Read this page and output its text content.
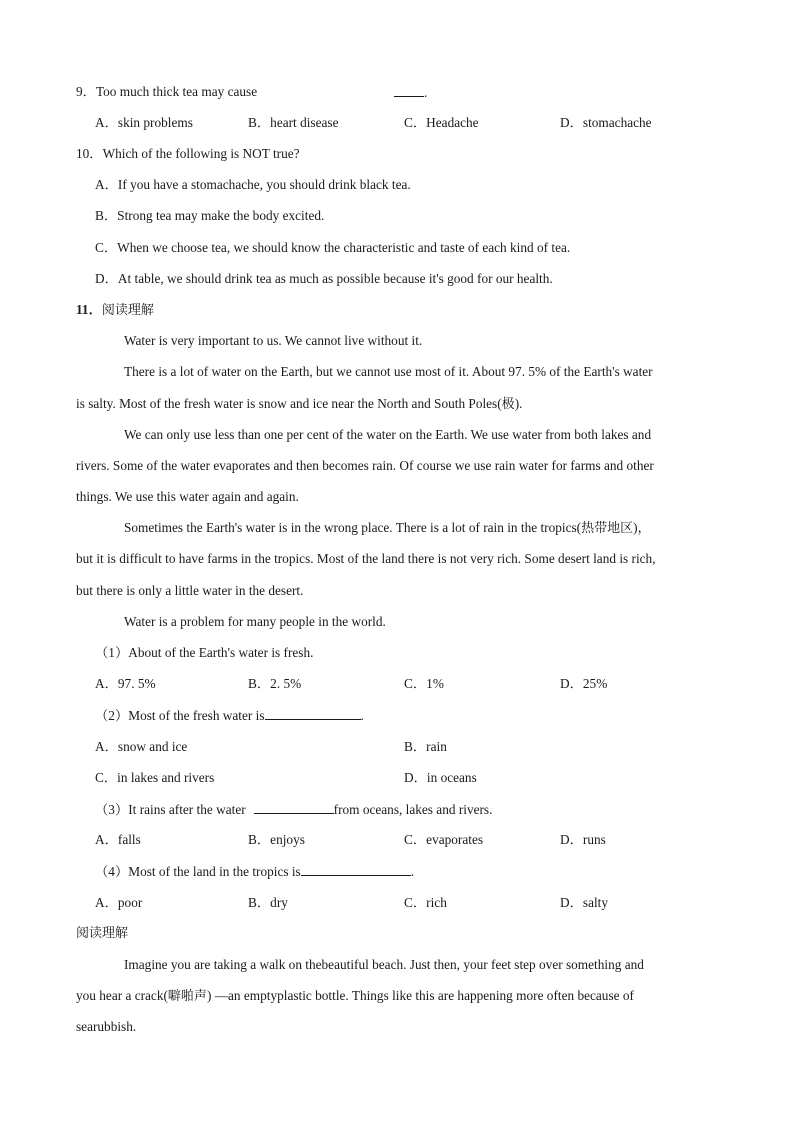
9．Too much thick tea may cause	.
A．skin problems	B．heart disease	C．Headache	D．stomachache
10．Which of the following is NOT true?
A．If you have a stomachache, you should drink black tea.
B．Strong tea may make the body excited.
C．When we choose tea, we should know the characteristic and taste of each kind of tea.
D．At table, we should drink tea as much as possible because it's good for our health.
11．阅读理解
Water is very important to us. We cannot live without it.
There is a lot of water on the Earth, but we cannot use most of it. About 97. 5% of the Earth's water
is salty. Most of the fresh water is snow and ice near the North and South Poles(极).
We can only use less than one per cent of the water on the Earth. We use water from both lakes and
rivers. Some of the water evaporates and then becomes rain. Of course we use rain water for farms and other
things. We use this water again and again.
Sometimes the Earth's water is in the wrong place. There is a lot of rain in the tropics(热带地区)，
but it is difficult to have farms in the tropics. Most of the land there is not very rich. Some desert land is rich,
but there is only a little water in the desert.
Water is a problem for many people in the world.
（1）About of the Earth's water is fresh.
A．97. 5%	B．2. 5%	C．1%	D．25%
（2）Most of the fresh water is	.
A．snow and ice	B．rain
C．in lakes and rivers	D．in oceans
（3）It rains after the water	from oceans, lakes and rivers.
A．falls	B．enjoys	C．evaporates	D．runs
（4）Most of the land in the tropics is	.
A．poor	B．dry	C．rich	D．salty
阅读理解
Imagine you are taking a walk on thebeautiful beach. Just then, your feet step over something and
you hear a crack(噼啪声) —an emptyplastic bottle. Things like this are happening more often because of
searubbish.
